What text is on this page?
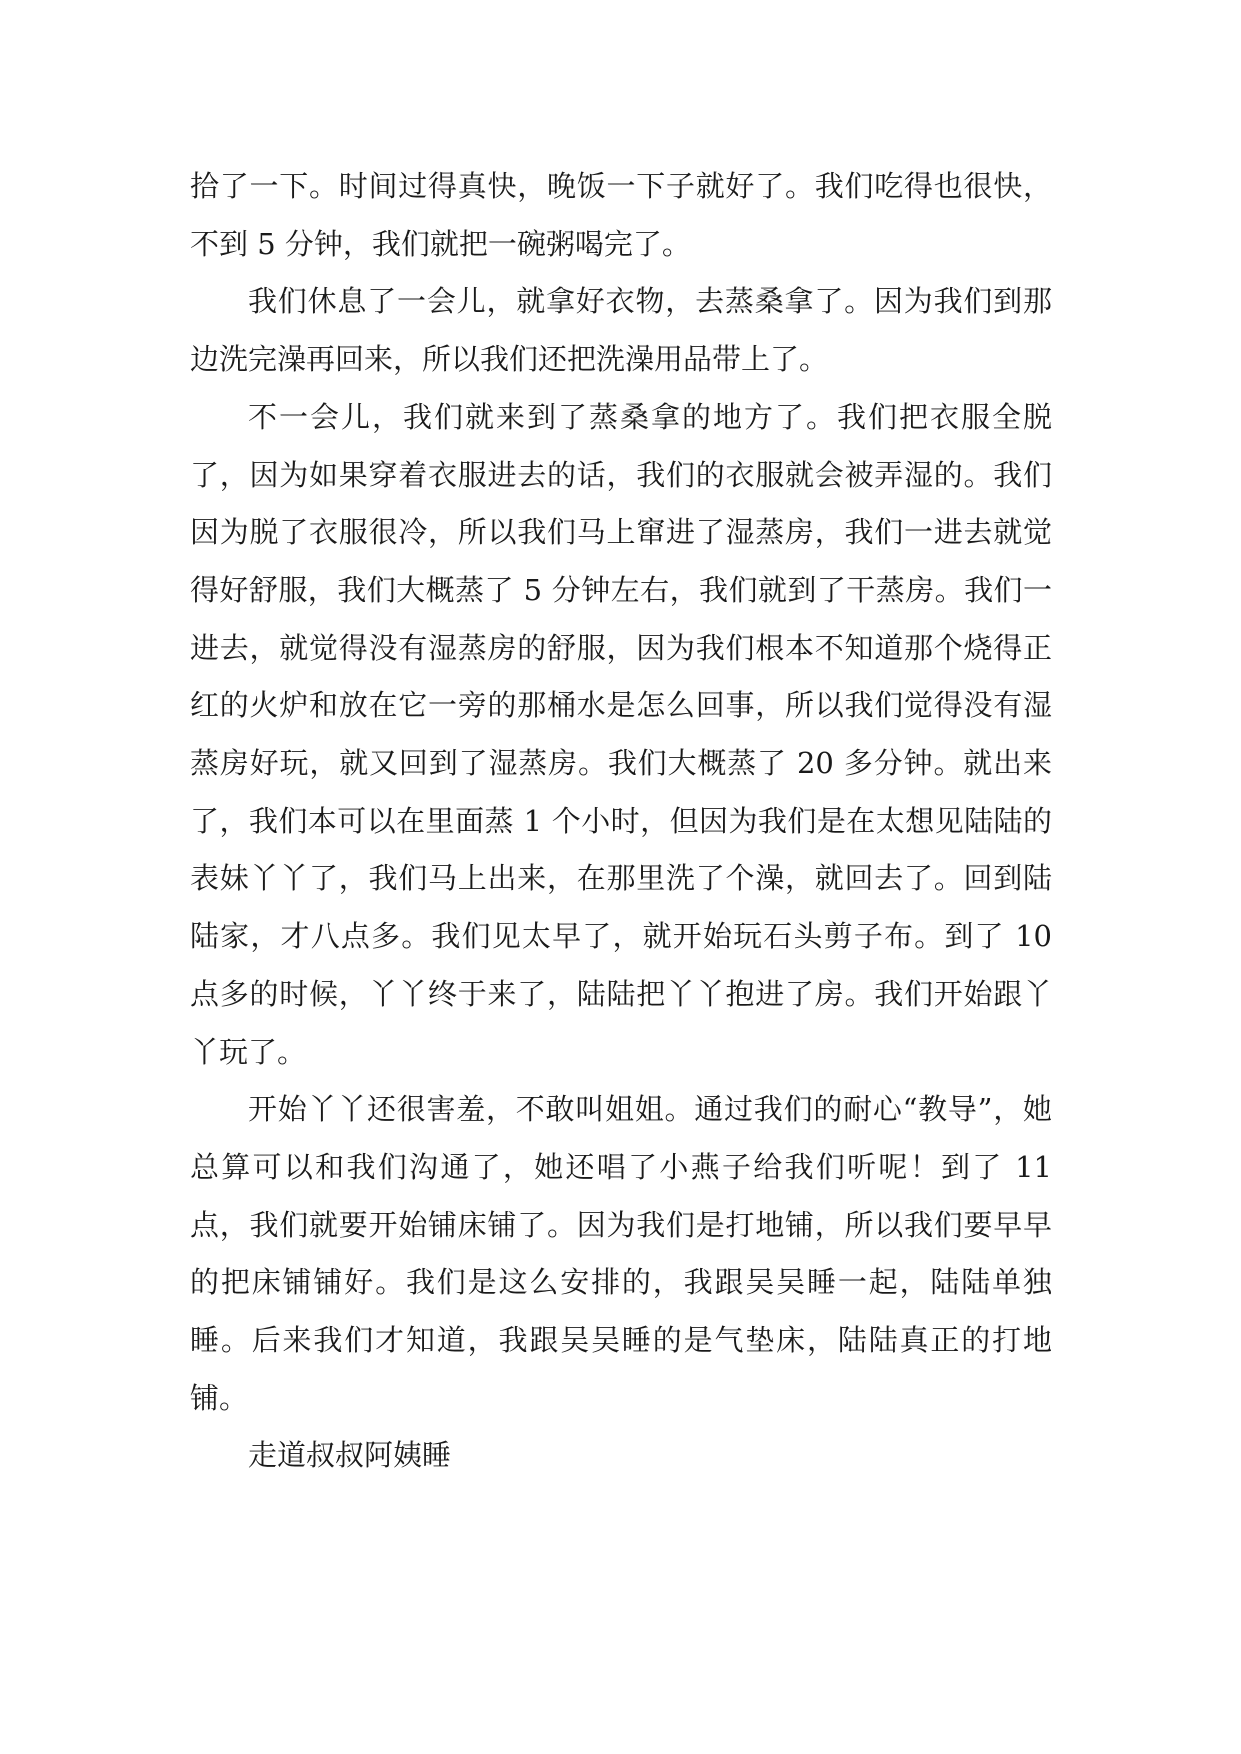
拾了一下。时间过得真快，晚饭一下子就好了。我们吃得也很快，不到 5 分钟，我们就把一碗粥喝完了。

我们休息了一会儿，就拿好衣物，去蒸桑拿了。因为我们到那边洗完澡再回来，所以我们还把洗澡用品带上了。

不一会儿，我们就来到了蒸桑拿的地方了。我们把衣服全脱了，因为如果穿着衣服进去的话，我们的衣服就会被弄湿的。我们因为脱了衣服很冷，所以我们马上窜进了湿蒸房，我们一进去就觉得好舒服，我们大概蒸了 5 分钟左右，我们就到了干蒸房。我们一进去，就觉得没有湿蒸房的舒服，因为我们根本不知道那个烧得正红的火炉和放在它一旁的那桶水是怎么回事，所以我们觉得没有湿蒸房好玩，就又回到了湿蒸房。我们大概蒸了 20 多分钟。就出来了，我们本可以在里面蒸 1 个小时，但因为我们是在太想见陆陆的表妹丫丫了，我们马上出来，在那里洗了个澡，就回去了。回到陆陆家，才八点多。我们见太早了，就开始玩石头剪子布。到了 10 点多的时候，丫丫终于来了，陆陆把丫丫抱进了房。我们开始跟丫丫玩了。

开始丫丫还很害羞，不敢叫姐姐。通过我们的耐心“教导”，她总算可以和我们沟通了，她还唱了小燕子给我们听呢！到了 11 点，我们就要开始铺床铺了。因为我们是打地铺，所以我们要早早的把床铺铺好。我们是这么安排的，我跟吴吴睡一起，陆陆单独睡。后来我们才知道，我跟吴吴睡的是气垫床，陆陆真正的打地铺。

走道叔叔阿姨睡
